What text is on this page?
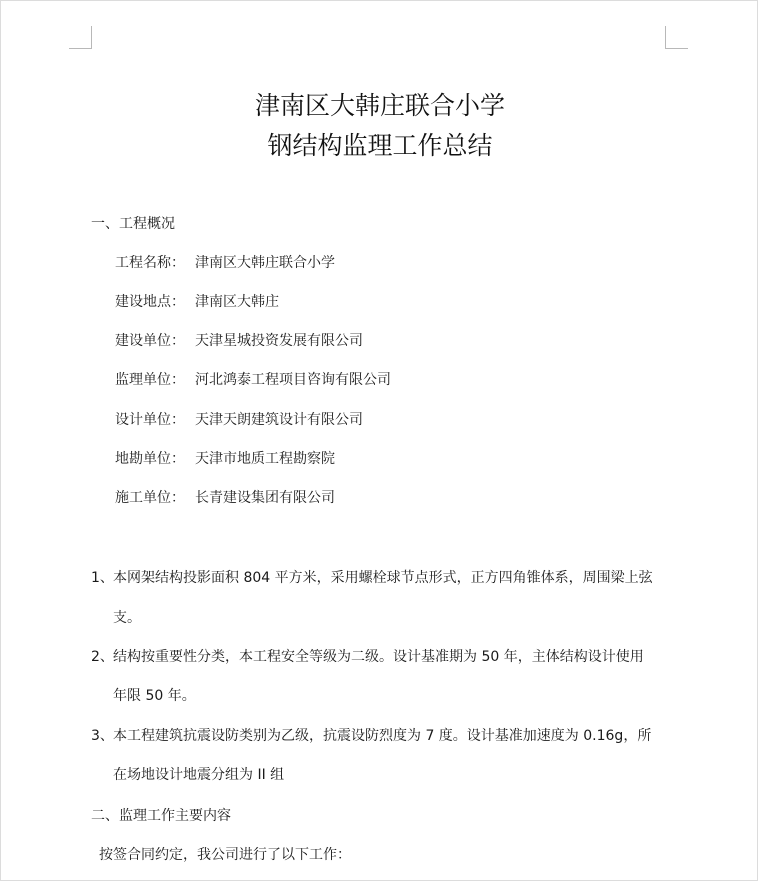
津南区大韩庄联合小学
钢结构监理工作总结
一、工程概况
工程名称： 津南区大韩庄联合小学
建设地点： 津南区大韩庄
建设单位： 天津星城投资发展有限公司
监理单位： 河北鸿泰工程项目咨询有限公司
设计单位： 天津天朗建筑设计有限公司
地勘单位： 天津市地质工程勘察院
施工单位： 长青建设集团有限公司
1、 本网架结构投影面积 804 平方米，采用螺栓球节点形式，正方四角锥体系，周围梁上弦
支。
2、 结构按重要性分类，本工程安全等级为二级。设计基准期为 50 年，主体结构设计使用
年限 50 年。
3、 本工程建筑抗震设防类别为乙级，抗震设防烈度为 7 度。设计基准加速度为 0.16g，所
在场地设计地震分组为 II 组
二、监理工作主要内容
按签合同约定，我公司进行了以下工作：
